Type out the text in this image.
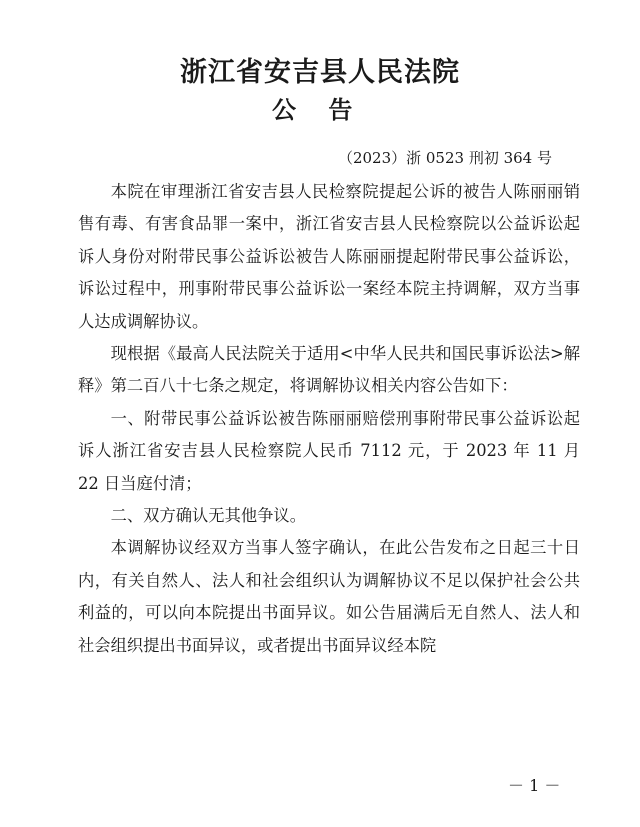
浙江省安吉县人民法院
公 告

（2023）浙 0523 刑初 364 号

本院在审理浙江省安吉县人民检察院提起公诉的被告人陈丽丽销售有毒、有害食品罪一案中，浙江省安吉县人民检察院以公益诉讼起诉人身份对附带民事公益诉讼被告人陈丽丽提起附带民事公益诉讼，诉讼过程中，刑事附带民事公益诉讼一案经本院主持调解，双方当事人达成调解协议。

现根据《最高人民法院关于适用<中华人民共和国民事诉讼法>解释》第二百八十七条之规定，将调解协议相关内容公告如下：

一、附带民事公益诉讼被告陈丽丽赔偿刑事附带民事公益诉讼起诉人浙江省安吉县人民检察院人民币 7112 元，于 2023 年 11 月 22 日当庭付清；

二、双方确认无其他争议。

本调解协议经双方当事人签字确认，在此公告发布之日起三十日内，有关自然人、法人和社会组织认为调解协议不足以保护社会公共利益的，可以向本院提出书面异议。如公告届满后无自然人、法人和社会组织提出书面异议，或者提出书面异议经本院

－ 1 －
